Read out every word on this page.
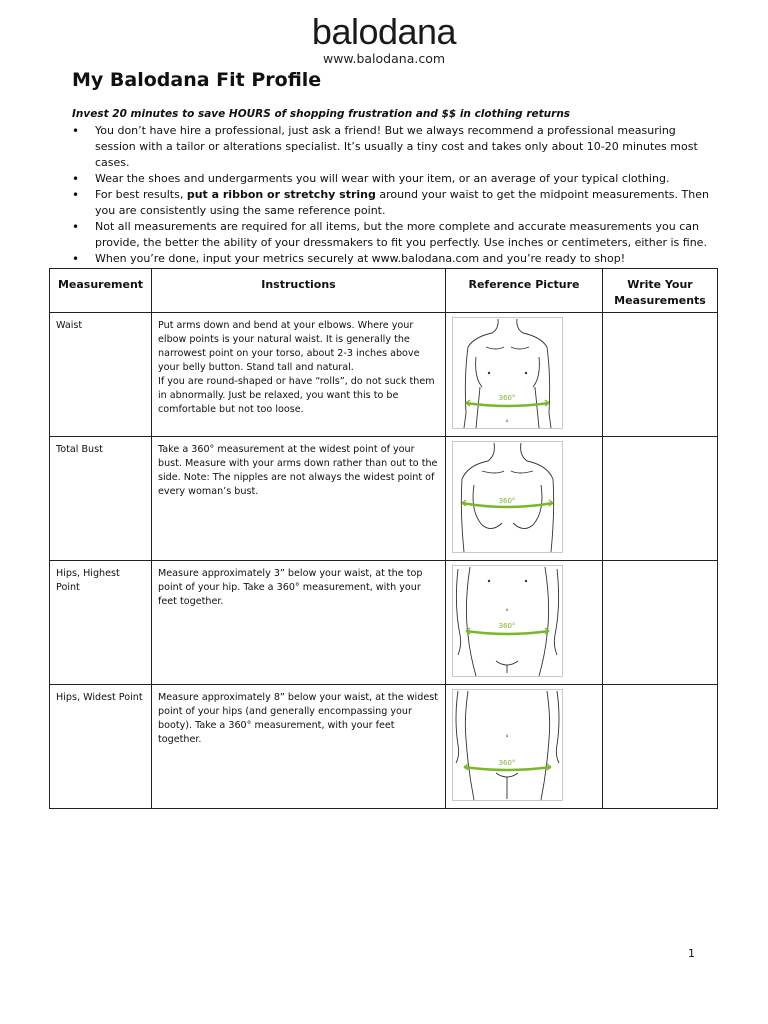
balodana
www.balodana.com
My Balodana Fit Profile
Invest 20 minutes to save HOURS of shopping frustration and $$ in clothing returns
• You don’t have hire a professional, just ask a friend! But we always recommend a professional measuring session with a tailor or alterations specialist. It’s usually a tiny cost and takes only about 10-20 minutes most cases.
• Wear the shoes and undergarments you will wear with your item, or an average of your typical clothing.
• For best results, put a ribbon or stretchy string around your waist to get the midpoint measurements. Then you are consistently using the same reference point.
• Not all measurements are required for all items, but the more complete and accurate measurements you can provide, the better the ability of your dressmakers to fit you perfectly. Use inches or centimeters, either is fine.
• When you’re done, input your metrics securely at www.balodana.com and you’re ready to shop!
Measurement	Instructions	Reference Picture	Write Your Measurements
Waist	Put arms down and bend at your elbows. Where your elbow points is your natural waist. It is generally the narrowest point on your torso, about 2-3 inches above your belly button. Stand tall and natural.
If you are round-shaped or have “rolls”, do not suck them in abnormally. Just be relaxed, you want this to be comfortable but not too loose.	u
360°	

Total Bust	Take a 360° measurement at the widest point of your bust. Measure with your arms down rather than out to the side. Note: The nipples are not always the widest point of every woman’s bust.	360°	

Hips, Highest Point	Measure approximately 3” below your waist, at the top point of your hip. Take a 360° measurement, with your feet together.	u
360°	

Hips, Widest Point	Measure approximately 8” below your waist, at the widest point of your hips (and generally encompassing your booty). Take a 360° measurement, with your feet together.	u
360°	

1
